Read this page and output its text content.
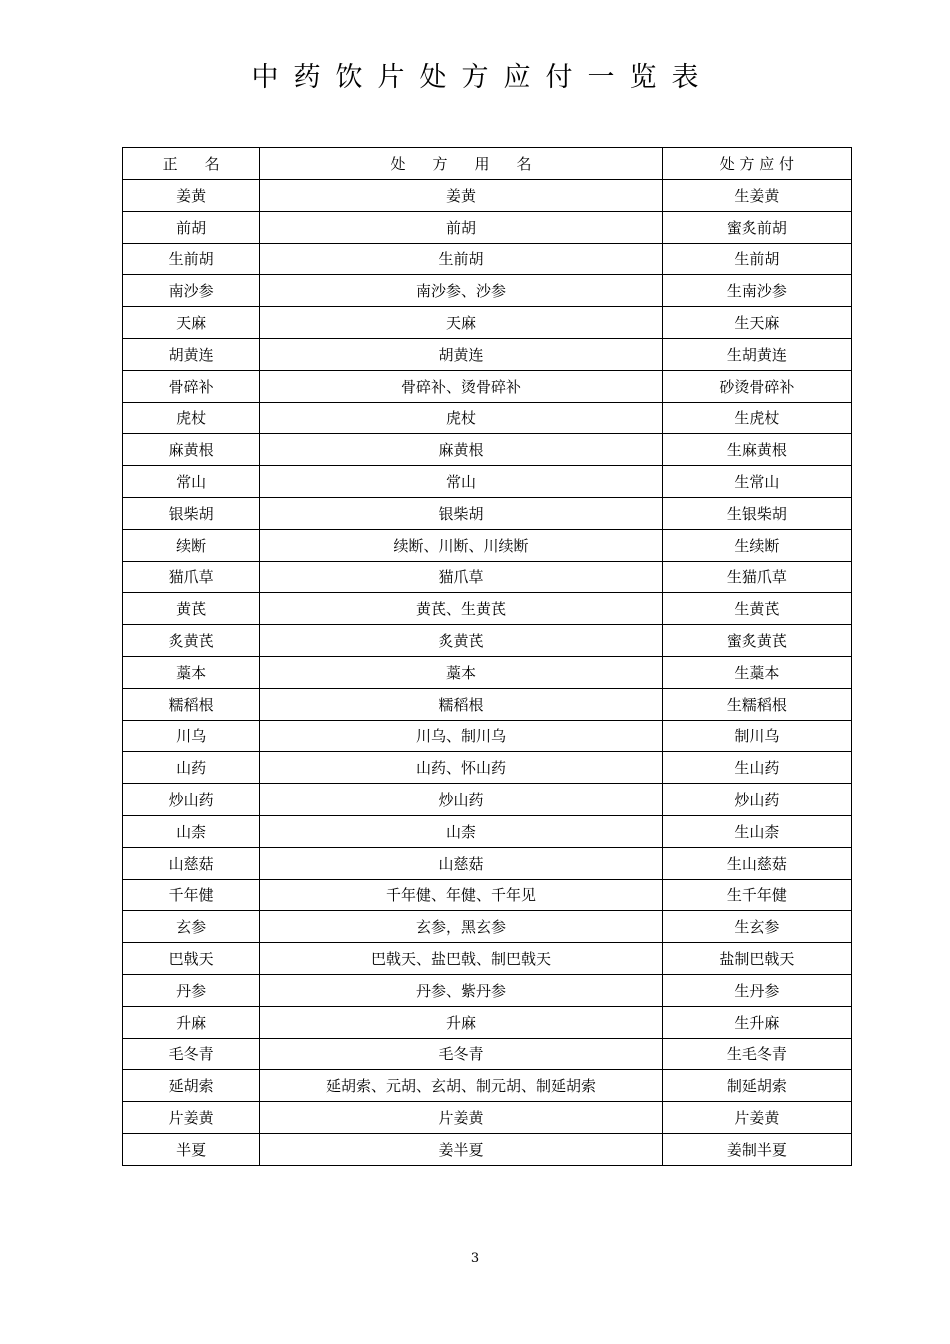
中药饮片处方应付一览表
正　名	处　方　用　名	处 方 应 付
姜黄	姜黄	生姜黄
前胡	前胡	蜜炙前胡
生前胡	生前胡	生前胡
南沙参	南沙参、沙参	生南沙参
天麻	天麻	生天麻
胡黄连	胡黄连	生胡黄连
骨碎补	骨碎补、烫骨碎补	砂烫骨碎补
虎杖	虎杖	生虎杖
麻黄根	麻黄根	生麻黄根
常山	常山	生常山
银柴胡	银柴胡	生银柴胡
续断	续断、川断、川续断	生续断
猫爪草	猫爪草	生猫爪草
黄芪	黄芪、生黄芪	生黄芪
炙黄芪	炙黄芪	蜜炙黄芪
藁本	藁本	生藁本
糯稻根	糯稻根	生糯稻根
川乌	川乌、制川乌	制川乌
山药	山药、怀山药	生山药
炒山药	炒山药	炒山药
山柰	山柰	生山柰
山慈菇	山慈菇	生山慈菇
千年健	千年健、年健、千年见	生千年健
玄参	玄参，黑玄参	生玄参
巴戟天	巴戟天、盐巴戟、制巴戟天	盐制巴戟天
丹参	丹参、紫丹参	生丹参
升麻	升麻	生升麻
毛冬青	毛冬青	生毛冬青
延胡索	延胡索、元胡、玄胡、制元胡、制延胡索	制延胡索
片姜黄	片姜黄	片姜黄
半夏	姜半夏	姜制半夏
3
